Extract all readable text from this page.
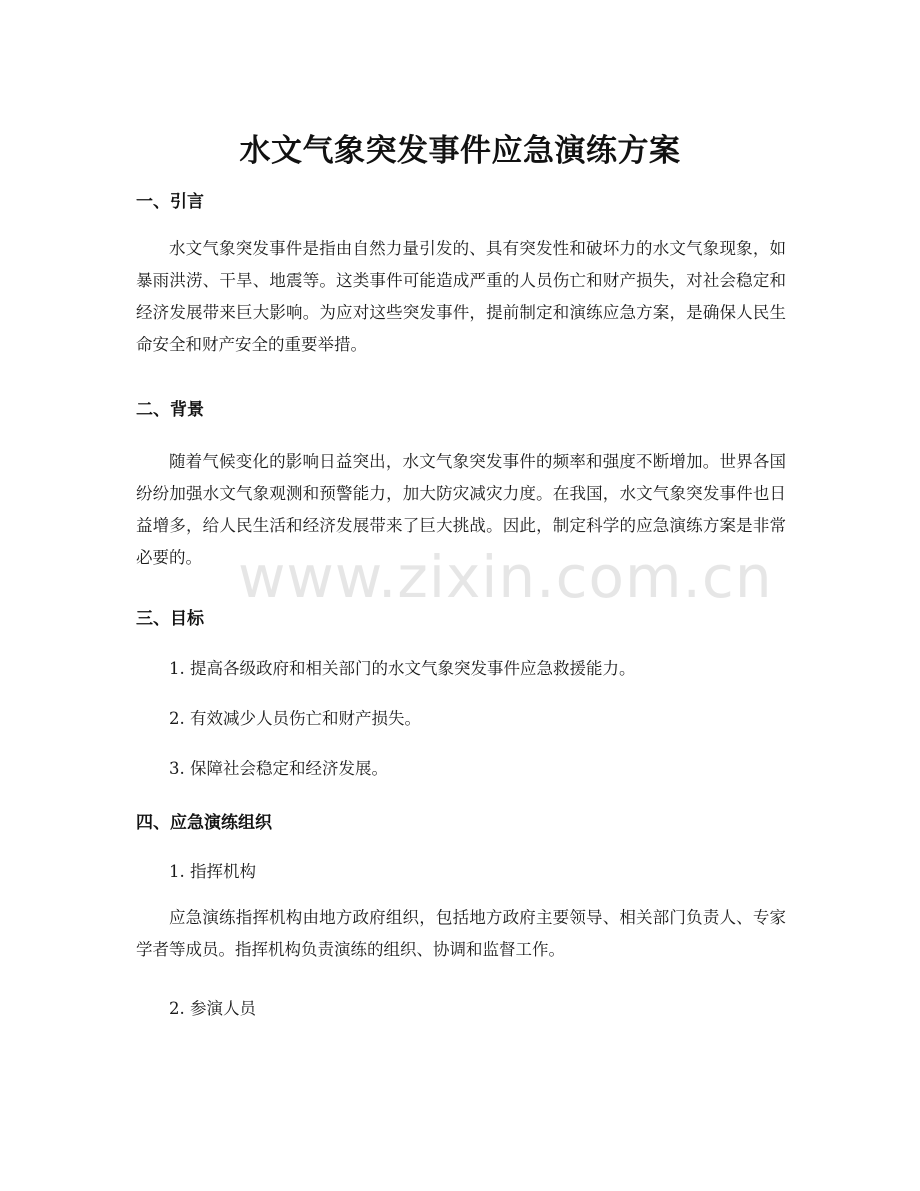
水文气象突发事件应急演练方案
一、引言

水文气象突发事件是指由自然力量引发的、具有突发性和破坏力的水文气象现象，如暴雨洪涝、干旱、地震等。这类事件可能造成严重的人员伤亡和财产损失，对社会稳定和经济发展带来巨大影响。为应对这些突发事件，提前制定和演练应急方案，是确保人民生命安全和财产安全的重要举措。

二、背景

随着气候变化的影响日益突出，水文气象突发事件的频率和强度不断增加。世界各国纷纷加强水文气象观测和预警能力，加大防灾减灾力度。在我国，水文气象突发事件也日益增多，给人民生活和经济发展带来了巨大挑战。因此，制定科学的应急演练方案是非常必要的。

三、目标

1. 提高各级政府和相关部门的水文气象突发事件应急救援能力。

2. 有效减少人员伤亡和财产损失。

3. 保障社会稳定和经济发展。

四、应急演练组织

1. 指挥机构

应急演练指挥机构由地方政府组织，包括地方政府主要领导、相关部门负责人、专家学者等成员。指挥机构负责演练的组织、协调和监督工作。

2. 参演人员

www.zixin.com.cn
